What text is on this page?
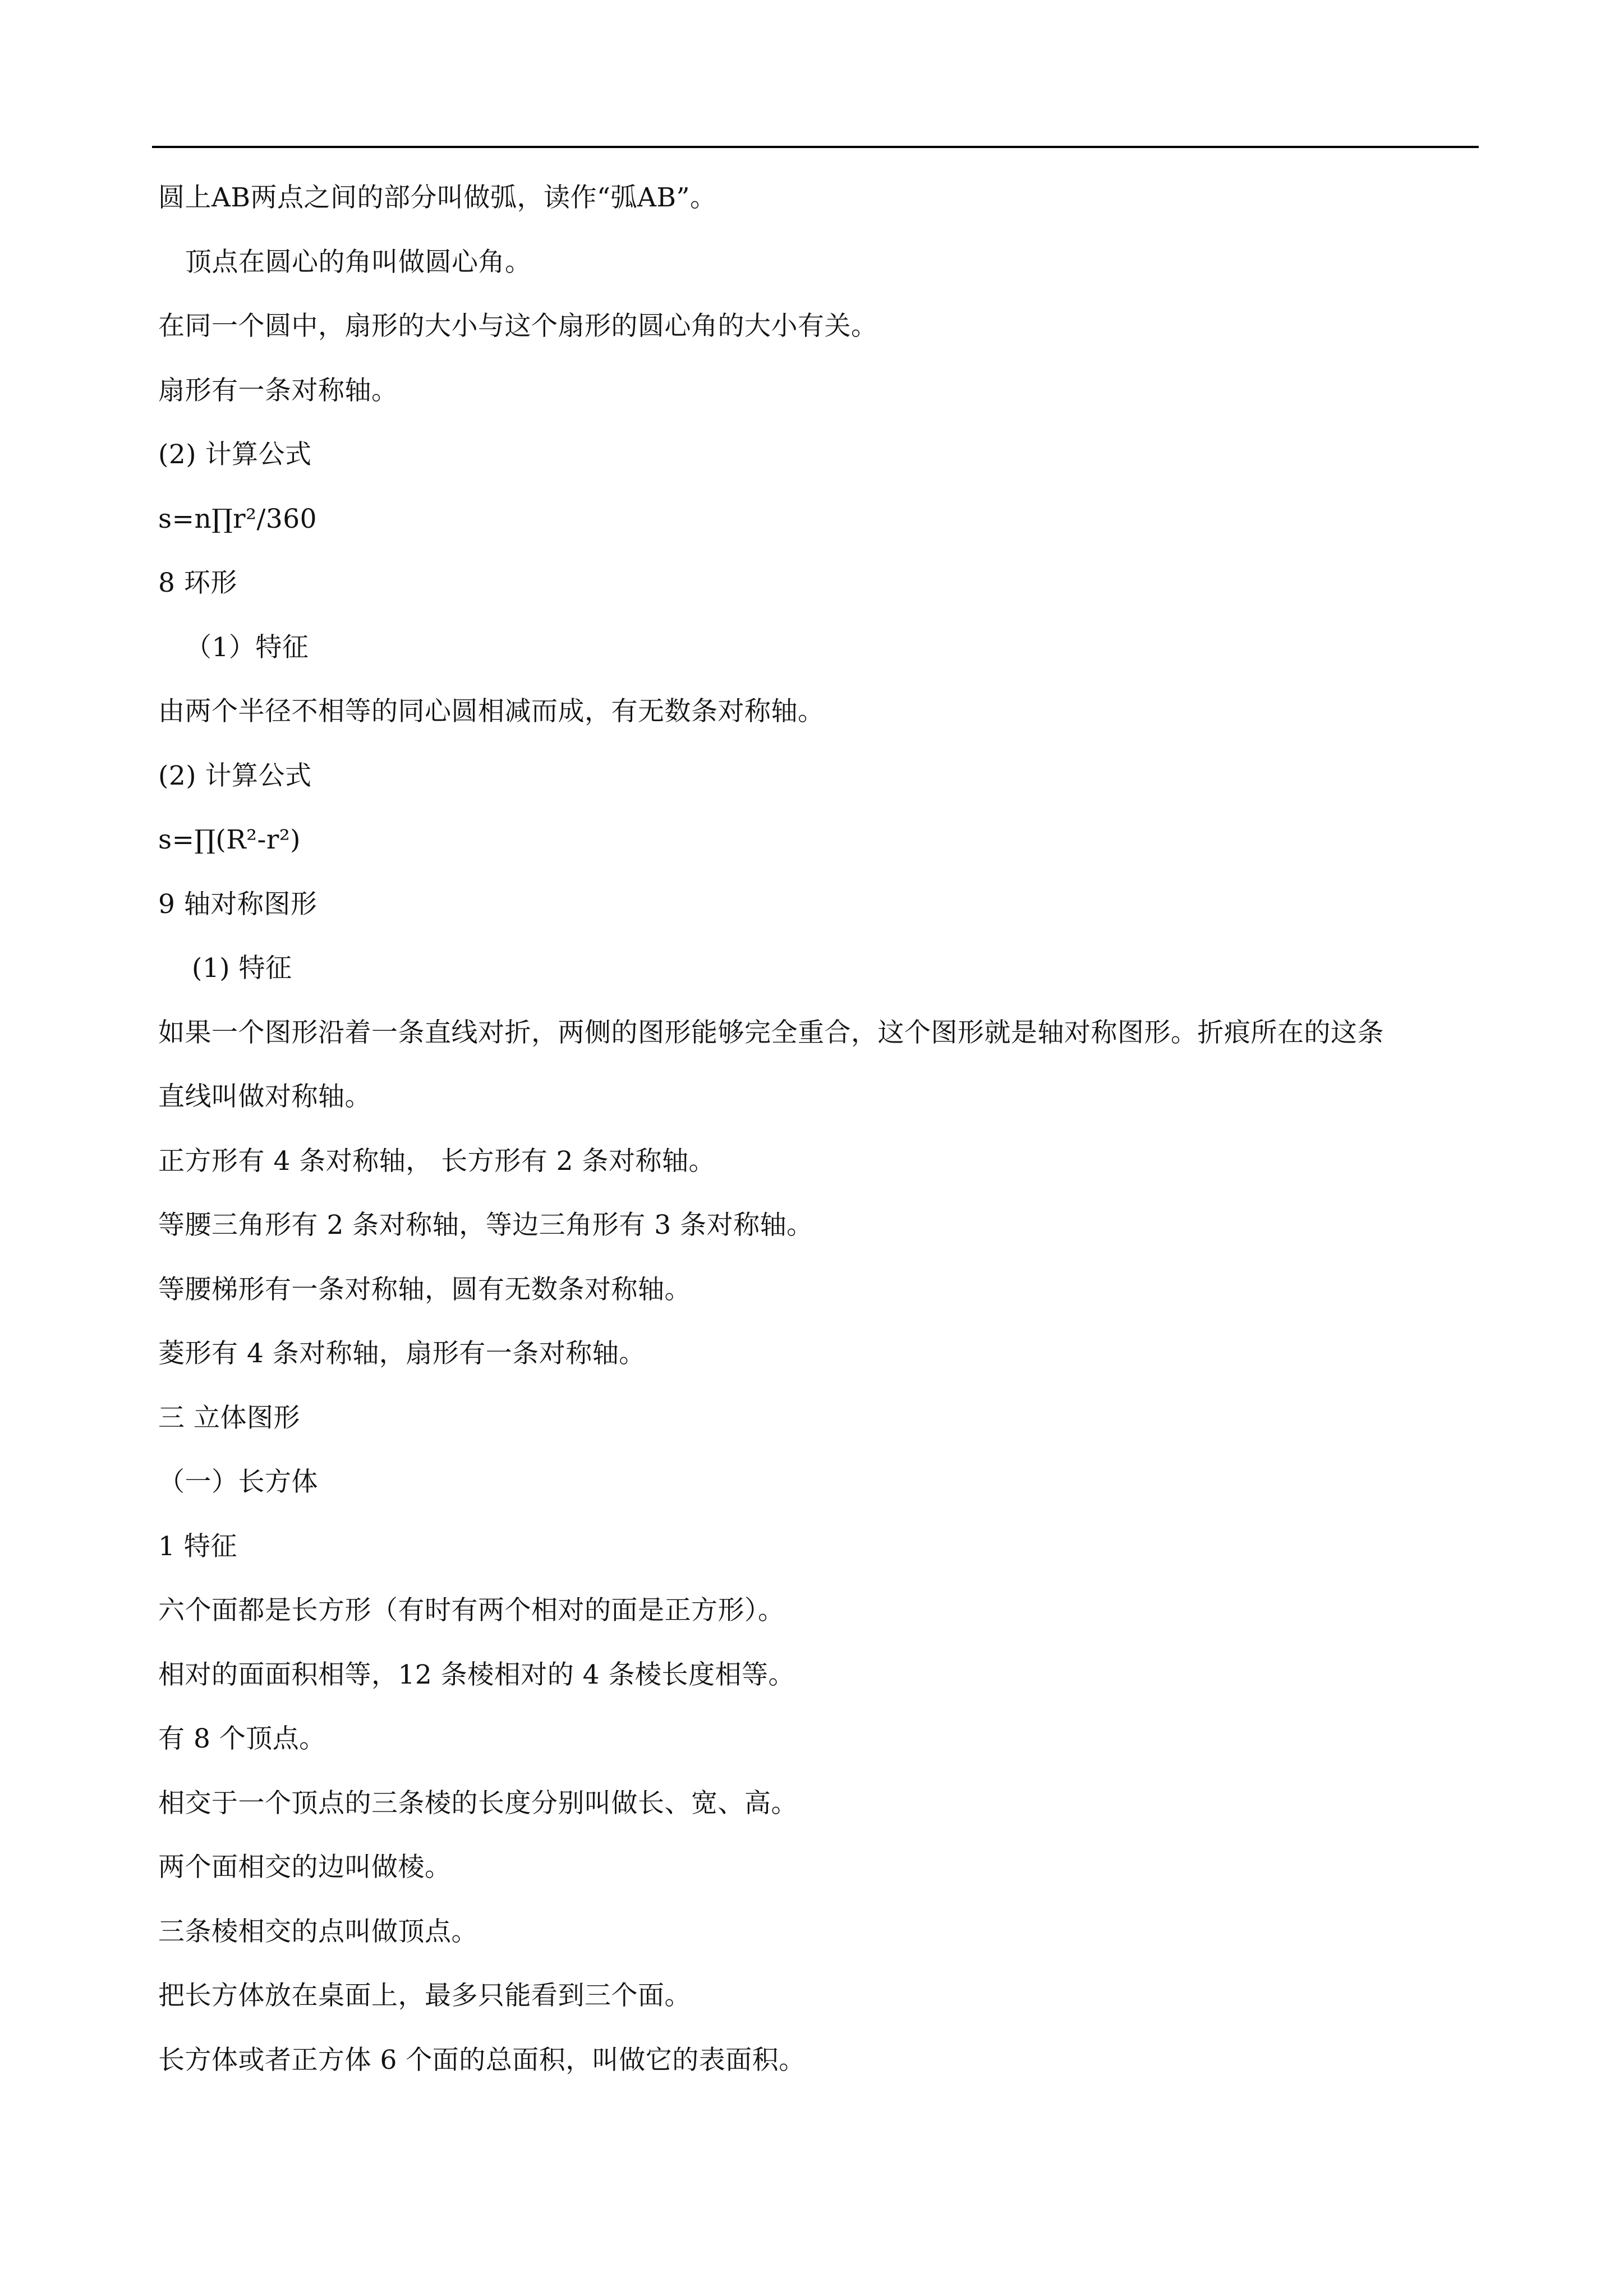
圆上AB两点之间的部分叫做弧，读作“弧AB”。
顶点在圆心的角叫做圆心角。
在同一个圆中，扇形的大小与这个扇形的圆心角的大小有关。
扇形有一条对称轴。
(2) 计算公式
s=n∏r²/360
8 环形
（1）特征
由两个半径不相等的同心圆相减而成，有无数条对称轴。
(2) 计算公式
s=∏(R²-r²)
9 轴对称图形
(1) 特征
如果一个图形沿着一条直线对折，两侧的图形能够完全重合，这个图形就是轴对称图形。折痕所在的这条
直线叫做对称轴。
正方形有 4 条对称轴， 长方形有 2 条对称轴。
等腰三角形有 2 条对称轴，等边三角形有 3 条对称轴。
等腰梯形有一条对称轴，圆有无数条对称轴。
菱形有 4 条对称轴，扇形有一条对称轴。
三 立体图形
（一）长方体
1 特征
六个面都是长方形（有时有两个相对的面是正方形）。
相对的面面积相等，12 条棱相对的 4 条棱长度相等。
有 8 个顶点。
相交于一个顶点的三条棱的长度分别叫做长、宽、高。
两个面相交的边叫做棱。
三条棱相交的点叫做顶点。
把长方体放在桌面上，最多只能看到三个面。
长方体或者正方体 6 个面的总面积，叫做它的表面积。
